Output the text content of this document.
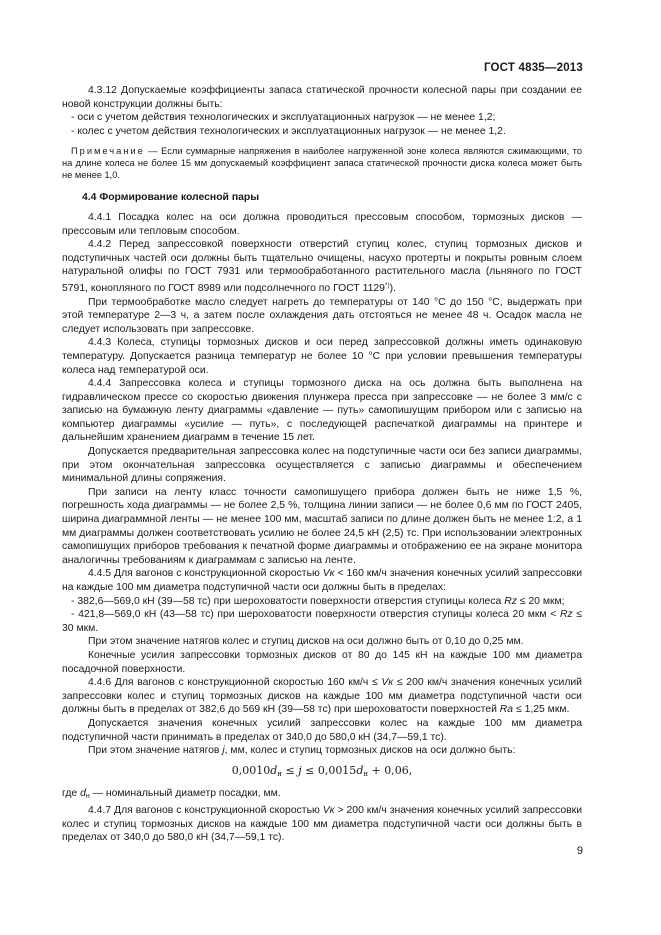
ГОСТ 4835—2013

4.3.12 Допускаемые коэффициенты запаса статической прочности колесной пары при создании ее новой конструкции должны быть:

- оси с учетом действия технологических и эксплуатационных нагрузок — не менее 1,2;

- колес с учетом действия технологических и эксплуатационных нагрузок — не менее 1,2.

Примечание — Если суммарные напряжения в наиболее нагруженной зоне колеса являются сжимающими, то на длине колеса не более 15 мм допускаемый коэффициент запаса статической прочности диска колеса может быть не менее 1,0.

4.4 Формирование колесной пары

4.4.1 Посадка колес на оси должна проводиться прессовым способом, тормозных дисков — прессовым или тепловым способом.

4.4.2 Перед запрессовкой поверхности отверстий ступиц колес, ступиц тормозных дисков и подступичных частей оси должны быть тщательно очищены, насухо протерты и покрыты ровным слоем натуральной олифы по ГОСТ 7931 или термообработанного растительного масла (льняного по ГОСТ 5791, конопляного по ГОСТ 8989 или подсолнечного по ГОСТ 1129*)).

При термообработке масло следует нагреть до температуры от 140 °С до 150 °С, выдержать при этой температуре 2—3 ч, а затем после охлаждения дать отстояться не менее 48 ч. Осадок масла не следует использовать при запрессовке.

4.4.3 Колеса, ступицы тормозных дисков и оси перед запрессовкой должны иметь одинаковую температуру. Допускается разница температур не более 10 °С при условии превышения температуры колеса над температурой оси.

4.4.4 Запрессовка колеса и ступицы тормозного диска на ось должна быть выполнена на гидравлическом прессе со скоростью движения плунжера пресса при запрессовке — не более 3 мм/с с записью на бумажную ленту диаграммы «давление — путь» самопишущим прибором или с записью на компьютер диаграммы «усилие — путь», с последующей распечаткой диаграммы на принтере и дальнейшим хранением диаграмм в течение 15 лет.

Допускается предварительная запрессовка колес на подступичные части оси без записи диаграммы, при этом окончательная запрессовка осуществляется с записью диаграммы и обеспечением минимальной длины сопряжения.

При записи на ленту класс точности самопишущего прибора должен быть не ниже 1,5 %, погрешность хода диаграммы — не более 2,5 %, толщина линии записи — не более 0,6 мм по ГОСТ 2405, ширина диаграммной ленты — не менее 100 мм, масштаб записи по длине должен быть не менее 1:2, а 1 мм диаграммы должен соответствовать усилию не более 24,5 кН (2,5) тс. При использовании электронных самопишущих приборов требования к печатной форме диаграммы и отображению ее на экране монитора аналогичны требованиям к диаграммам с записью на ленте.

4.4.5 Для вагонов с конструкционной скоростью Vк < 160 км/ч значения конечных усилий запрессовки на каждые 100 мм диаметра подступичной части оси должны быть в пределах:

- 382,6—569,0 кН (39—58 тс) при шероховатости поверхности отверстия ступицы колеса Rz ≤ 20 мкм;

- 421,8—569,0 кН (43—58 тс) при шероховатости поверхности отверстия ступицы колеса 20 мкм < Rz ≤ 30 мкм.

При этом значение натягов колес и ступиц дисков на оси должно быть от 0,10 до 0,25 мм.

Конечные усилия запрессовки тормозных дисков от 80 до 145 кН на каждые 100 мм диаметра посадочной поверхности.

4.4.6 Для вагонов с конструкционной скоростью 160 км/ч ≤ Vк ≤ 200 км/ч значения конечных усилий запрессовки колес и ступиц тормозных дисков на каждые 100 мм диаметра подступичной части оси должны быть в пределах от 382,6 до 569 кН (39—58 тс) при шероховатости поверхностей Ra ≤ 1,25 мкм.

Допускается значения конечных усилий запрессовки колес на каждые 100 мм диаметра подступичной части принимать в пределах от 340,0 до 580,0 кН (34,7—59,1 тс).

При этом значение натягов j, мм, колес и ступиц тормозных дисков на оси должно быть:

$0,0010d_н \le j \le 0,0015d_н + 0,06$,

где $d_н$ — номинальный диаметр посадки, мм.

4.4.7 Для вагонов с конструкционной скоростью Vк > 200 км/ч значения конечных усилий запрессовки колес и ступиц тормозных дисков на каждые 100 мм диаметра подступичной части оси должны быть в пределах от 340,0 до 580,0 кН (34,7—59,1 тс).

9
